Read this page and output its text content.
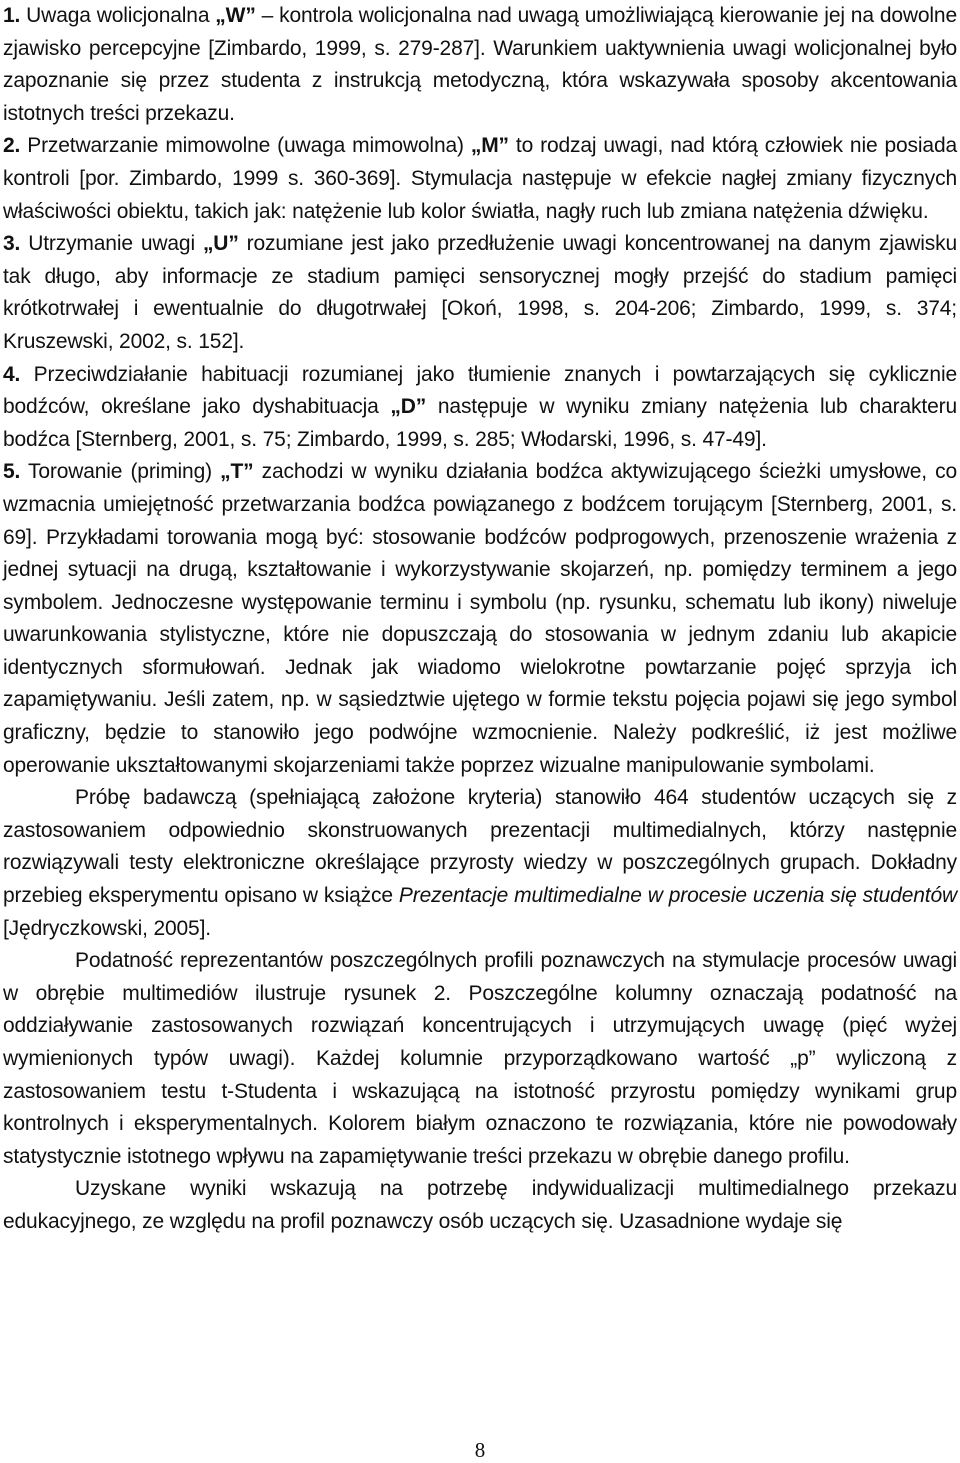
1. Uwaga wolicjonalna „W” – kontrola wolicjonalna nad uwagą umożliwiającą kierowanie jej na dowolne zjawisko percepcyjne [Zimbardo, 1999, s. 279-287]. Warunkiem uaktywnienia uwagi wolicjonalnej było zapoznanie się przez studenta z instrukcją metodyczną, która wskazywała sposoby akcentowania istotnych treści przekazu.

2. Przetwarzanie mimowolne (uwaga mimowolna) „M” to rodzaj uwagi, nad którą człowiek nie posiada kontroli [por. Zimbardo, 1999 s. 360-369]. Stymulacja następuje w efekcie nagłej zmiany fizycznych właściwości obiektu, takich jak: natężenie lub kolor światła, nagły ruch lub zmiana natężenia dźwięku.

3. Utrzymanie uwagi „U” rozumiane jest jako przedłużenie uwagi koncentrowanej na danym zjawisku tak długo, aby informacje ze stadium pamięci sensorycznej mogły przejść do stadium pamięci krótkotrwałej i ewentualnie do długotrwałej [Okoń, 1998, s. 204-206; Zimbardo, 1999, s. 374; Kruszewski, 2002, s. 152].

4. Przeciwdziałanie habituacji rozumianej jako tłumienie znanych i powtarzających się cyklicznie bodźców, określane jako dyshabituacja „D” następuje w wyniku zmiany natężenia lub charakteru bodźca [Sternberg, 2001, s. 75; Zimbardo, 1999, s. 285; Włodarski, 1996, s. 47-49].

5. Torowanie (priming) „T” zachodzi w wyniku działania bodźca aktywizującego ścieżki umysłowe, co wzmacnia umiejętność przetwarzania bodźca powiązanego z bodźcem torującym [Sternberg, 2001, s. 69]. Przykładami torowania mogą być: stosowanie bodźców podprogowych, przenoszenie wrażenia z jednej sytuacji na drugą, kształtowanie i wykorzystywanie skojarzeń, np. pomiędzy terminem a jego symbolem. Jednoczesne występowanie terminu i symbolu (np. rysunku, schematu lub ikony) niweluje uwarunkowania stylistyczne, które nie dopuszczają do stosowania w jednym zdaniu lub akapicie identycznych sformułowań. Jednak jak wiadomo wielokrotne powtarzanie pojęć sprzyja ich zapamiętywaniu. Jeśli zatem, np. w sąsiedztwie ujętego w formie tekstu pojęcia pojawi się jego symbol graficzny, będzie to stanowiło jego podwójne wzmocnienie. Należy podkreślić, iż jest możliwe operowanie ukształtowanymi skojarzeniami także poprzez wizualne manipulowanie symbolami.

Próbę badawczą (spełniającą założone kryteria) stanowiło 464 studentów uczących się z zastosowaniem odpowiednio skonstruowanych prezentacji multimedialnych, którzy następnie rozwiązywali testy elektroniczne określające przyrosty wiedzy w poszczególnych grupach. Dokładny przebieg eksperymentu opisano w książce Prezentacje multimedialne w procesie uczenia się studentów [Jędryczkowski, 2005].

Podatność reprezentantów poszczególnych profili poznawczych na stymulacje procesów uwagi w obrębie multimediów ilustruje rysunek 2. Poszczególne kolumny oznaczają podatność na oddziaływanie zastosowanych rozwiązań koncentrujących i utrzymujących uwagę (pięć wyżej wymienionych typów uwagi). Każdej kolumnie przyporządkowano wartość „p” wyliczoną z zastosowaniem testu t-Studenta i wskazującą na istotność przyrostu pomiędzy wynikami grup kontrolnych i eksperymentalnych. Kolorem białym oznaczono te rozwiązania, które nie powodowały statystycznie istotnego wpływu na zapamiętywanie treści przekazu w obrębie danego profilu.

Uzyskane wyniki wskazują na potrzebę indywidualizacji multimedialnego przekazu edukacyjnego, ze względu na profil poznawczy osób uczących się. Uzasadnione wydaje się

8
